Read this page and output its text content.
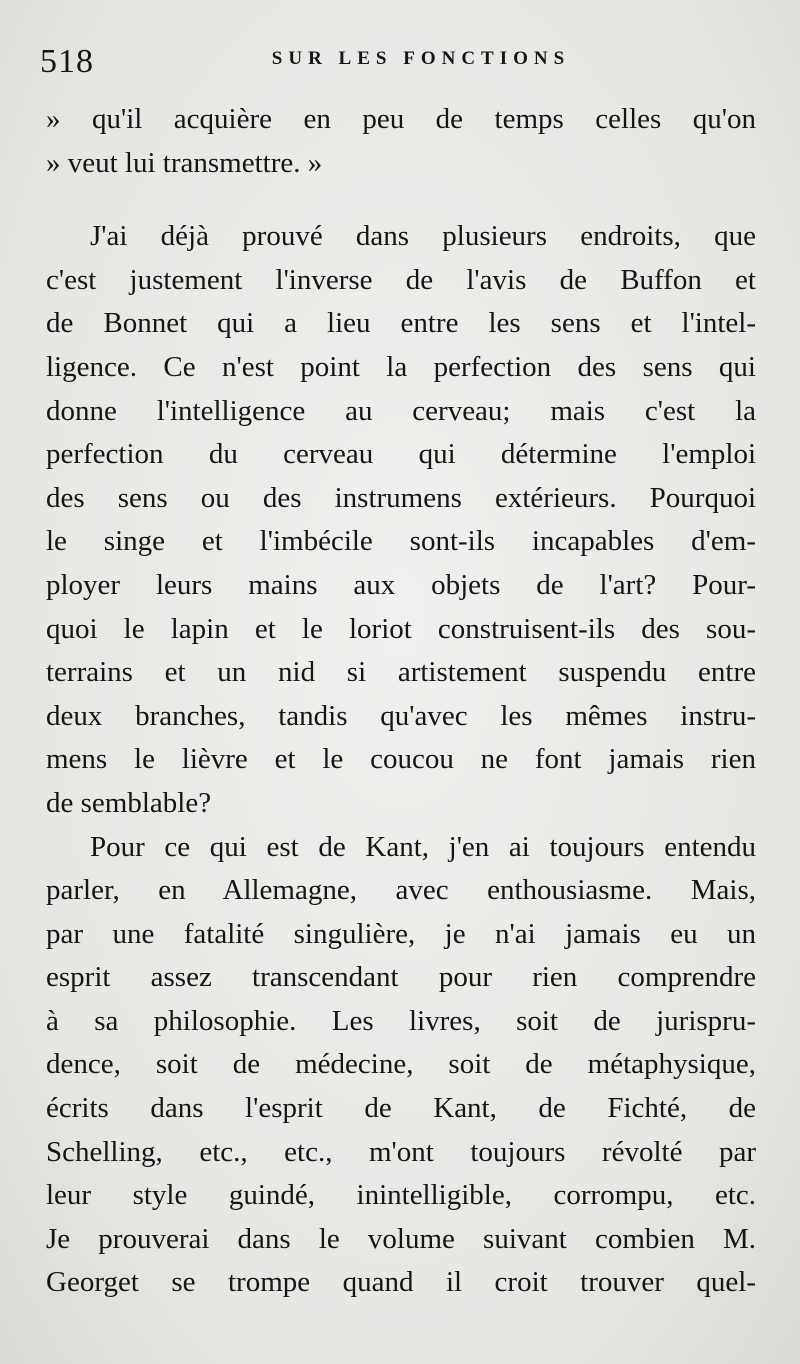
518	SUR LES FONCTIONS
» qu'il acquière en peu de temps celles qu'on
» veut lui transmettre. »
J'ai déjà prouvé dans plusieurs endroits, que
c'est justement l'inverse de l'avis de Buffon et
de Bonnet qui a lieu entre les sens et l'intel-
ligence. Ce n'est point la perfection des sens qui
donne l'intelligence au cerveau; mais c'est la
perfection du cerveau qui détermine l'emploi
des sens ou des instrumens extérieurs. Pourquoi
le singe et l'imbécile sont-ils incapables d'em-
ployer leurs mains aux objets de l'art? Pour-
quoi le lapin et le loriot construisent-ils des sou-
terrains et un nid si artistement suspendu entre
deux branches, tandis qu'avec les mêmes instru-
mens le lièvre et le coucou ne font jamais rien
de semblable?
Pour ce qui est de Kant, j'en ai toujours entendu
parler, en Allemagne, avec enthousiasme. Mais,
par une fatalité singulière, je n'ai jamais eu un
esprit assez transcendant pour rien comprendre
à sa philosophie. Les livres, soit de jurispru-
dence, soit de médecine, soit de métaphysique,
écrits dans l'esprit de Kant, de Fichté, de
Schelling, etc., etc., m'ont toujours révolté par
leur style guindé, inintelligible, corrompu, etc.
Je prouverai dans le volume suivant combien M.
Georget se trompe quand il croit trouver quel-
